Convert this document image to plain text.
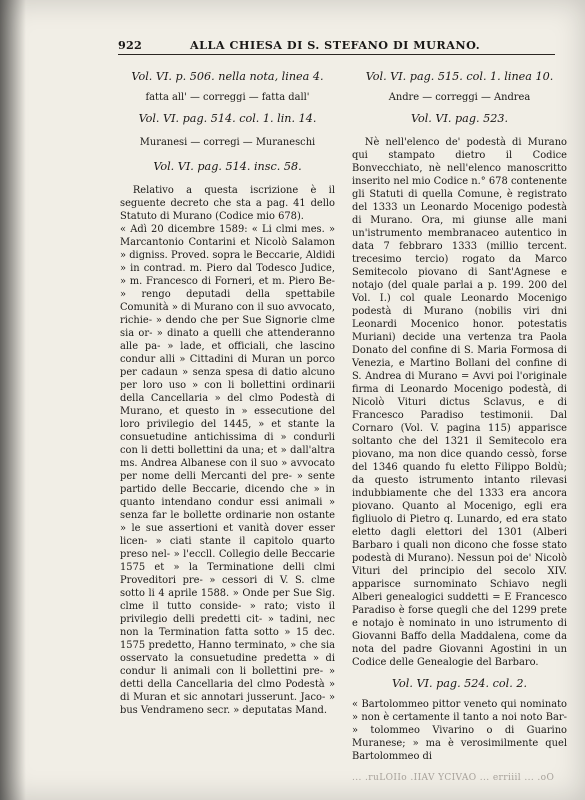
922	ALLA CHIESA DI S. STEFANO DI MURANO.

Vol. VI. p. 506. nella nota, linea 4.

fatta all' — correggi — fatta dall'

Vol. VI. pag. 514. col. 1. lin. 14.

Muranesi — corregi — Muraneschi

Vol. VI. pag. 514. insc. 58.

Relativo a questa iscrizione è il seguente decreto che sta a pag. 41 dello Statuto di Murano (Codice mio 678).

« Adì 20 dicembre 1589: « Li clmi mes. » Marcantonio Contarini et Nicolò Salamon » digniss. Proved. sopra le Beccarie, Aldidi » in contrad. m. Piero dal Todesco Judice, » m. Francesco di Forneri, et m. Piero Be- » rengo deputadi della spettabile Comunità » di Murano con il suo avvocato, richie- » dendo che per Sue Signorie clme sia or- » dinato a quelli che attenderanno alle pa- » lade, et officiali, che lascino condur alli » Cittadini di Muran un porco per cadaun » senza spesa di datio alcuno per loro uso » con li bollettini ordinarii della Cancellaria » del clmo Podestà di Murano, et questo in » essecutione del loro privilegio del 1445, » et stante la consuetudine antichissima di » condurli con li detti bollettini da una; et » dall'altra ms. Andrea Albanese con il suo » avvocato per nome delli Mercanti del pre- » sente partido delle Beccarie, dicendo che » in quanto intendano condur essi animali » senza far le bollette ordinarie non ostante » le sue assertioni et vanità dover esser licen- » ciati stante il capitolo quarto preso nel- » l'eccll. Collegio delle Beccarie 1575 et » la Terminatione delli clmi Proveditori pre- » cessori di V. S. clme sotto li 4 aprile 1588. » Onde per Sue Sig. clme il tutto conside- » rato; visto il privilegio delli predetti cit- » tadini, nec non la Termination fatta sotto » 15 dec. 1575 predetto, Hanno terminato, » che sia osservato la consuetudine predetta » di condur li animali con li bollettini pre- » detti della Cancellaria del clmo Podestà » di Muran et sic annotari jusserunt. Jaco- » bus Vendrameno secr. » deputatas Mand.

Vol. VI. pag. 515. col. 1. linea 10.

Andre — correggi — Andrea

Vol. VI. pag. 523.

Nè nell'elenco de' podestà di Murano qui stampato dietro il Codice Bonvecchiato, nè nell'elenco manoscritto inserito nel mio Codice n.° 678 contenente gli Statuti di quella Comune, è registrato del 1333 un Leonardo Mocenigo podestà di Murano. Ora, mi giunse alle mani un'istrumento membranaceo autentico in data 7 febbraro 1333 (millio tercent. trecesimo tercio) rogato da Marco Semitecolo piovano di Sant'Agnese e notajo (del quale parlai a p. 199. 200 del Vol. I.) col quale Leonardo Mocenigo podestà di Murano (nobilis viri dni Leonardi Mocenico honor. potestatis Muriani) decide una vertenza tra Paola Donato del confine di S. Maria Formosa di Venezia, e Martino Bollani del confine di S. Andrea di Murano = Avvi poi l'originale firma di Leonardo Mocenigo podestà, di Nicolò Vituri dictus Sclavus, e di Francesco Paradiso testimonii. Dal Cornaro (Vol. V. pagina 115) apparisce soltanto che del 1321 il Semitecolo era piovano, ma non dice quando cessò, forse del 1346 quando fu eletto Filippo Boldù; da questo istrumento intanto rilevasi indubbiamente che del 1333 era ancora piovano. Quanto al Mocenigo, egli era figliuolo di Pietro q. Lunardo, ed era stato eletto dagli elettori del 1301 (Alberi Barbaro i quali non dicono che fosse stato podestà di Murano). Nessun poi de' Nicolò Vituri del principio del secolo XIV. apparisce surnominato Schiavo negli Alberi genealogici suddetti = E Francesco Paradiso è forse quegli che del 1299 prete e notajo è nominato in uno istrumento di Giovanni Baffo della Maddalena, come da nota del padre Giovanni Agostini in un Codice delle Genealogie del Barbaro.

Vol. VI. pag. 524. col. 2.

« Bartolommeo pittor veneto qui nominato » non è certamente il tanto a noi noto Bar- » tolommeo Vivarino o di Guarino Muranese; » ma è verosimilmente quel Bartolommeo di

... .ruLOIIo .IIAV YCIVAO ... erriiil ... .oO
